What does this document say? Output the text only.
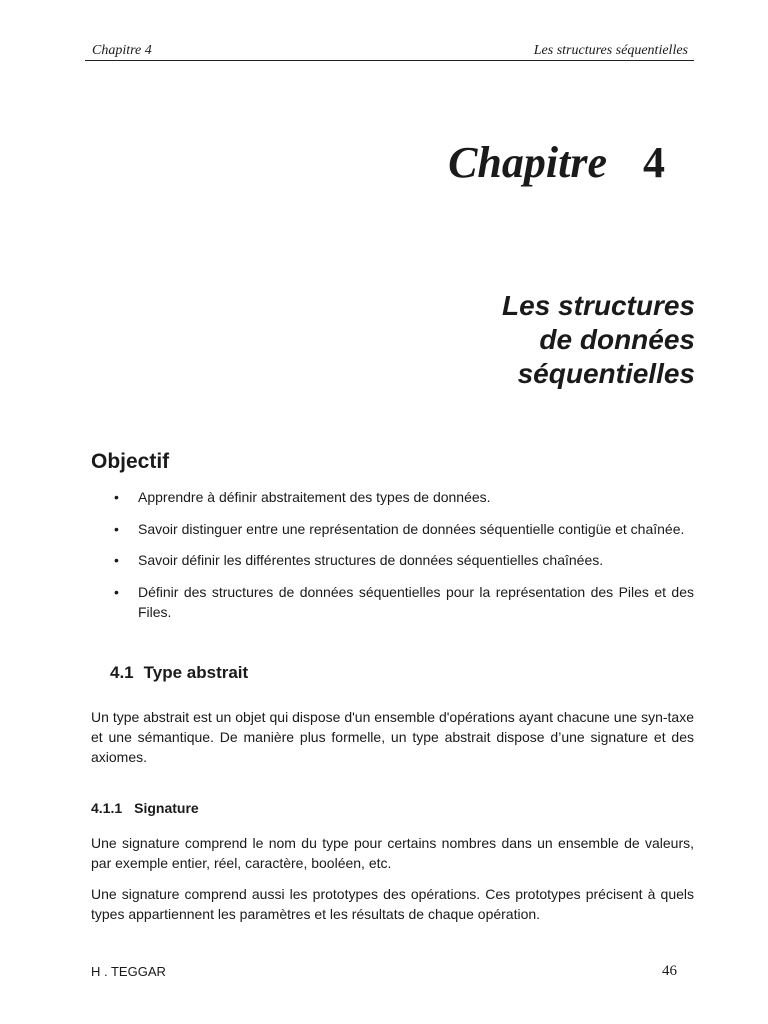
Chapitre 4	Les structures séquentielles
Chapitre 4
Les structures
de données
séquentielles
Objectif
• Apprendre à définir abstraitement des types de données.
• Savoir distinguer entre une représentation de données séquentielle contigüe et chaînée.
• Savoir définir les différentes structures de données séquentielles chaînées.
• Définir des structures de données séquentielles pour la représentation des Piles et des Files.
4.1 Type abstrait

Un type abstrait est un objet qui dispose d'un ensemble d'opérations ayant chacune une syn-taxe et une sémantique. De manière plus formelle, un type abstrait dispose d’une signature et des axiomes.

4.1.1 Signature

Une signature comprend le nom du type pour certains nombres dans un ensemble de valeurs, par exemple entier, réel, caractère, booléen, etc.

Une signature comprend aussi les prototypes des opérations. Ces prototypes précisent à quels types appartiennent les paramètres et les résultats de chaque opération.

H . TEGGAR	46
